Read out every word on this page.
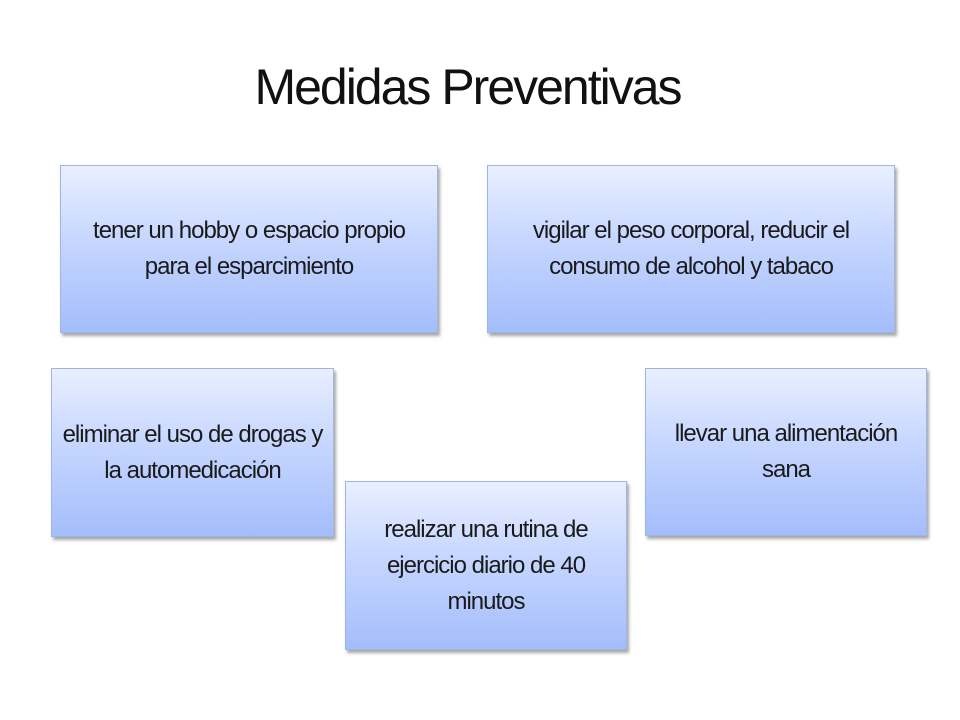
Medidas Preventivas
tener un hobby o espacio propio para el esparcimiento
vigilar el peso corporal, reducir el consumo de alcohol y tabaco
eliminar el uso de drogas y la automedicación
realizar una rutina de ejercicio diario de 40 minutos
llevar una alimentación sana
